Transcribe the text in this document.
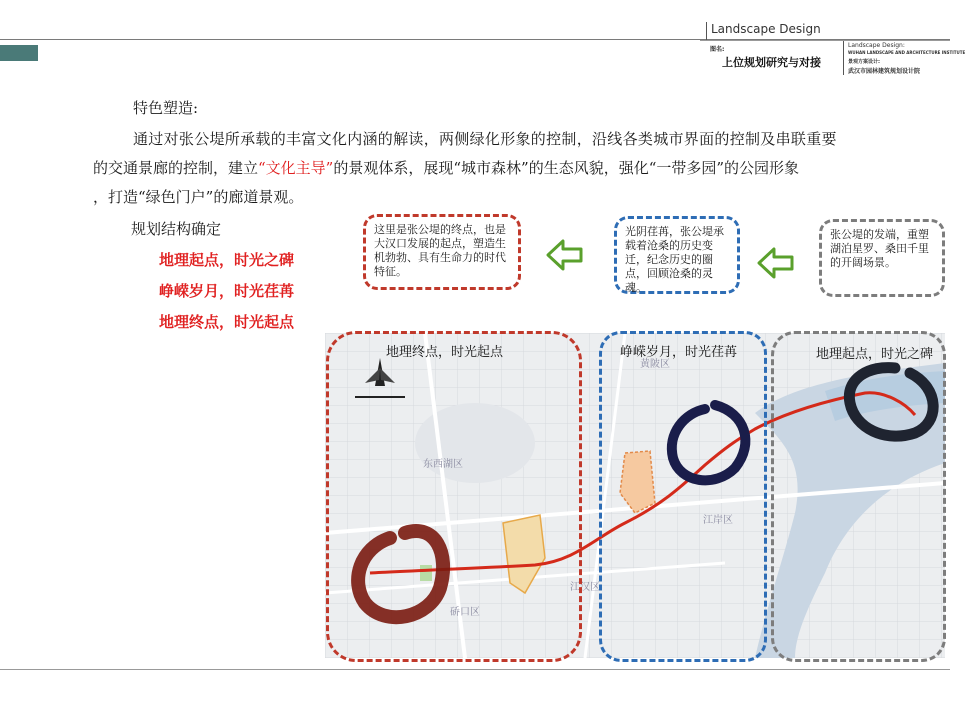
Landscape Design
图名:
上位规划研究与对接
Landscape Design:
WUHAN LANDSCAPE AND ARCHITECTURE INSTITUTE
景观方案设计:
武汉市园林建筑规划设计院
特色塑造:
通过对张公堤所承载的丰富文化内涵的解读，两侧绿化形象的控制，沿线各类城市界面的控制及串联重要
的交通景廊的控制，建立“文化主导”的景观体系，展现“城市森林”的生态风貌，强化“一带多园”的公园形象
，打造“绿色门户”的廊道景观。
规划结构确定
地理起点，时光之碑
峥嵘岁月，时光荏苒
地理终点，时光起点
东西湖区
黄陂区
江岸区
硚口区
江汉区
地理终点，时光起点	峥嵘岁月，时光荏苒	地理起点，时光之碑
这里是张公堤的终点，也是大汉口发展的起点，塑造生机勃勃、具有生命力的时代特征。
光阴荏苒，张公堤承载着沧桑的历史变迁，纪念历史的圈点，回顾沧桑的灵魂。
张公堤的发端，重塑湖泊星罗、桑田千里的开阔场景。
